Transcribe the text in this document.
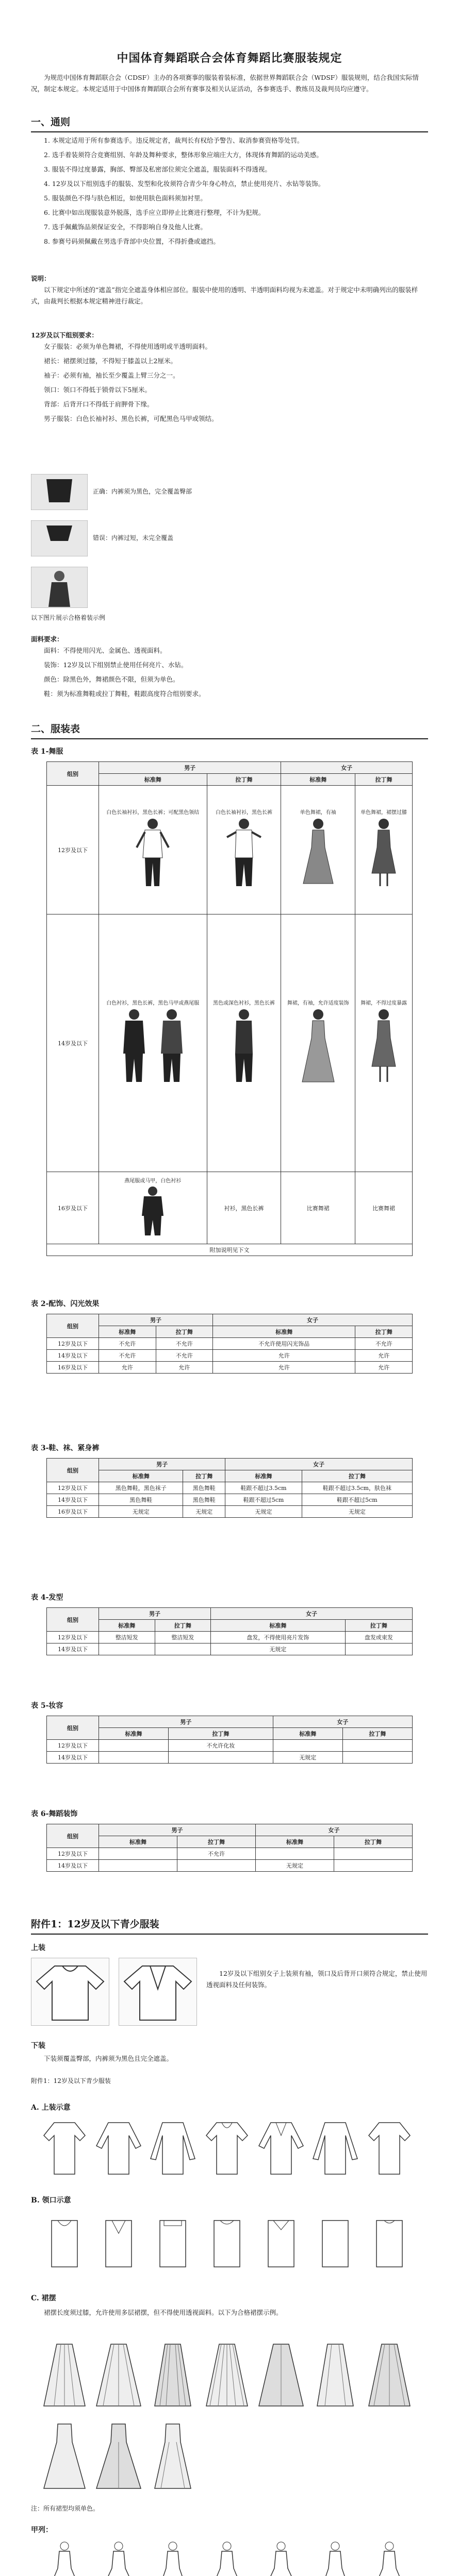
中国体育舞蹈联合会体育舞蹈比赛服装规定

为规范中国体育舞蹈联合会（CDSF）主办的各项赛事的服装着装标准，依据世界舞蹈联合会（WDSF）服装规则，结合我国实际情况，制定本规定。本规定适用于中国体育舞蹈联合会所有赛事及相关认证活动，各参赛选手、教练员及裁判员均应遵守。

一、通则

1. 本规定适用于所有参赛选手。违反规定者，裁判长有权给予警告、取消参赛资格等处罚。

2. 选手着装须符合竞赛组别、年龄及舞种要求，整体形象应端庄大方，体现体育舞蹈的运动美感。

3. 服装不得过度暴露，胸部、臀部及私密部位须完全遮盖，服装面料不得透视。

4. 12岁及以下组别选手的服装、发型和化妆须符合青少年身心特点，禁止使用亮片、水钻等装饰。

5. 服装颜色不得与肤色相近，如使用肤色面料须加衬里。

6. 比赛中如出现服装意外脱落，选手应立即停止比赛进行整理，不计为犯规。

7. 选手佩戴饰品须保证安全，不得影响自身及他人比赛。

8. 参赛号码须佩戴在男选手背部中央位置，不得折叠或遮挡。

说明：

以下规定中所述的“遮盖”指完全遮盖身体相应部位。服装中使用的透明、半透明面料均视为未遮盖。对于规定中未明确列出的服装样式，由裁判长根据本规定精神进行裁定。

12岁及以下组别要求：

女子服装：必须为单色舞裙，不得使用透明或半透明面料。

裙长：裙摆须过膝，不得短于膝盖以上2厘米。

袖子：必须有袖，袖长至少覆盖上臂三分之一。

领口：领口不得低于锁骨以下5厘米。

背部：后背开口不得低于肩胛骨下缘。

男子服装：白色长袖衬衫、黑色长裤，可配黑色马甲或领结。

正确：内裤须为黑色，完全覆盖臀部
错误：内裤过短，未完全覆盖
以下图片展示合格着装示例
面料要求：

面料：不得使用闪光、金属色、透视面料。

装饰：12岁及以下组别禁止使用任何亮片、水钻。

颜色：除黑色外，舞裙颜色不限，但须为单色。

鞋：须为标准舞鞋或拉丁舞鞋，鞋跟高度符合组别要求。

二、服装表
表 1-舞服
组别	男子		女子	
	标准舞	拉丁舞	标准舞	拉丁舞
12岁及以下	白色长袖衬衫，黑色长裤；可配黑色领结	白色长袖衬衫，黑色长裤	单色舞裙，有袖	单色舞裙，裙摆过膝

14岁及以下	白色衬衫，黑色长裤，黑色马甲或燕尾服	黑色或深色衬衫，黑色长裤	舞裙，有袖，允许适度装饰	舞裙，不得过度暴露

16岁及以下	燕尾服或马甲，白色衬衫	衬衫，黑色长裤	比赛舞裙	比赛舞裙
附加说明见下文				
表 2-配饰、闪光效果
组别	男子		女子	
	标准舞	拉丁舞	标准舞	拉丁舞
12岁及以下	不允许	不允许	不允许使用闪光饰品	不允许
14岁及以下	不允许	不允许	允许	允许
16岁及以下	允许	允许	允许	允许
表 3-鞋、袜、紧身裤
组别	男子		女子	
	标准舞	拉丁舞	标准舞	拉丁舞
12岁及以下	黑色舞鞋，黑色袜子	黑色舞鞋	鞋跟不超过3.5cm	鞋跟不超过3.5cm，肤色袜
14岁及以下	黑色舞鞋	黑色舞鞋	鞋跟不超过5cm	鞋跟不超过5cm
16岁及以下	无规定	无规定	无规定	无规定
表 4-发型
组别	男子		女子	
	标准舞	拉丁舞	标准舞	拉丁舞
12岁及以下	整洁短发	整洁短发	盘发，不得使用亮片发饰	盘发或束发
14岁及以下			无规定	
表 5-妆容
组别	男子		女子	
	标准舞	拉丁舞	标准舞	拉丁舞
12岁及以下		不允许化妆		
14岁及以下			无规定	
表 6-舞蹈装饰
组别	男子		女子	
	标准舞	拉丁舞	标准舞	拉丁舞
12岁及以下		不允许		
14岁及以下			无规定	
附件1：12岁及以下青少服装
上装

12岁及以下组别女子上装须有袖，领口及后背开口须符合规定，禁止使用透视面料及任何装饰。

下装

下装须覆盖臀部，内裤须为黑色且完全遮盖。

附件1：12岁及以下青少服装
A. 上装示意
B. 领口示意
C. 裙摆

裙摆长度须过膝，允许使用多层裙摆，但不得使用透视面料。以下为合格裙摆示例。

注：所有裙型均须单色。
甲列：
